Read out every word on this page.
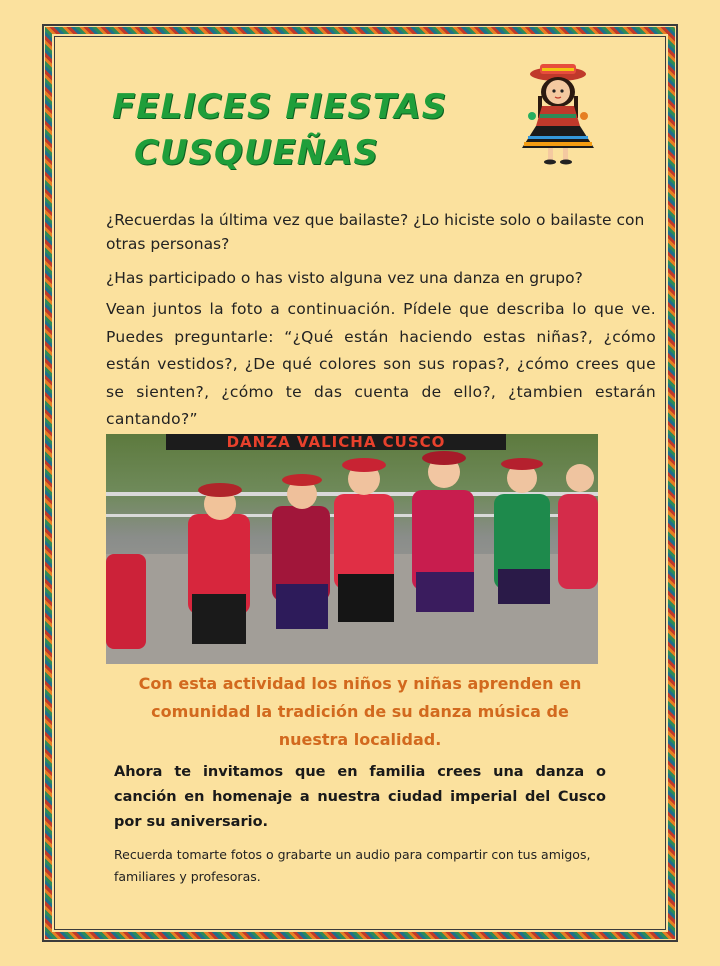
FELICES FIESTAS

CUSQUEÑAS

¿Recuerdas la última vez que bailaste? ¿Lo hiciste solo o bailaste con otras personas?

¿Has participado o has visto alguna vez una danza en grupo?

Vean juntos la foto a continuación. Pídele que describa lo que ve. Puedes preguntarle: “¿Qué están haciendo estas niñas?, ¿cómo están vestidos?, ¿De qué colores son sus ropas?, ¿cómo crees que se sienten?, ¿cómo te das cuenta de ello?, ¿tambien estarán cantando?”

DANZA VALICHA CUSCO

Con esta actividad los niños y niñas aprenden en comunidad la tradición de su danza música de nuestra localidad.

Ahora te invitamos que en familia crees una danza o canción en homenaje a nuestra ciudad imperial del Cusco por su aniversario.

Recuerda tomarte fotos o grabarte un audio para compartir con tus amigos, familiares y profesoras.
